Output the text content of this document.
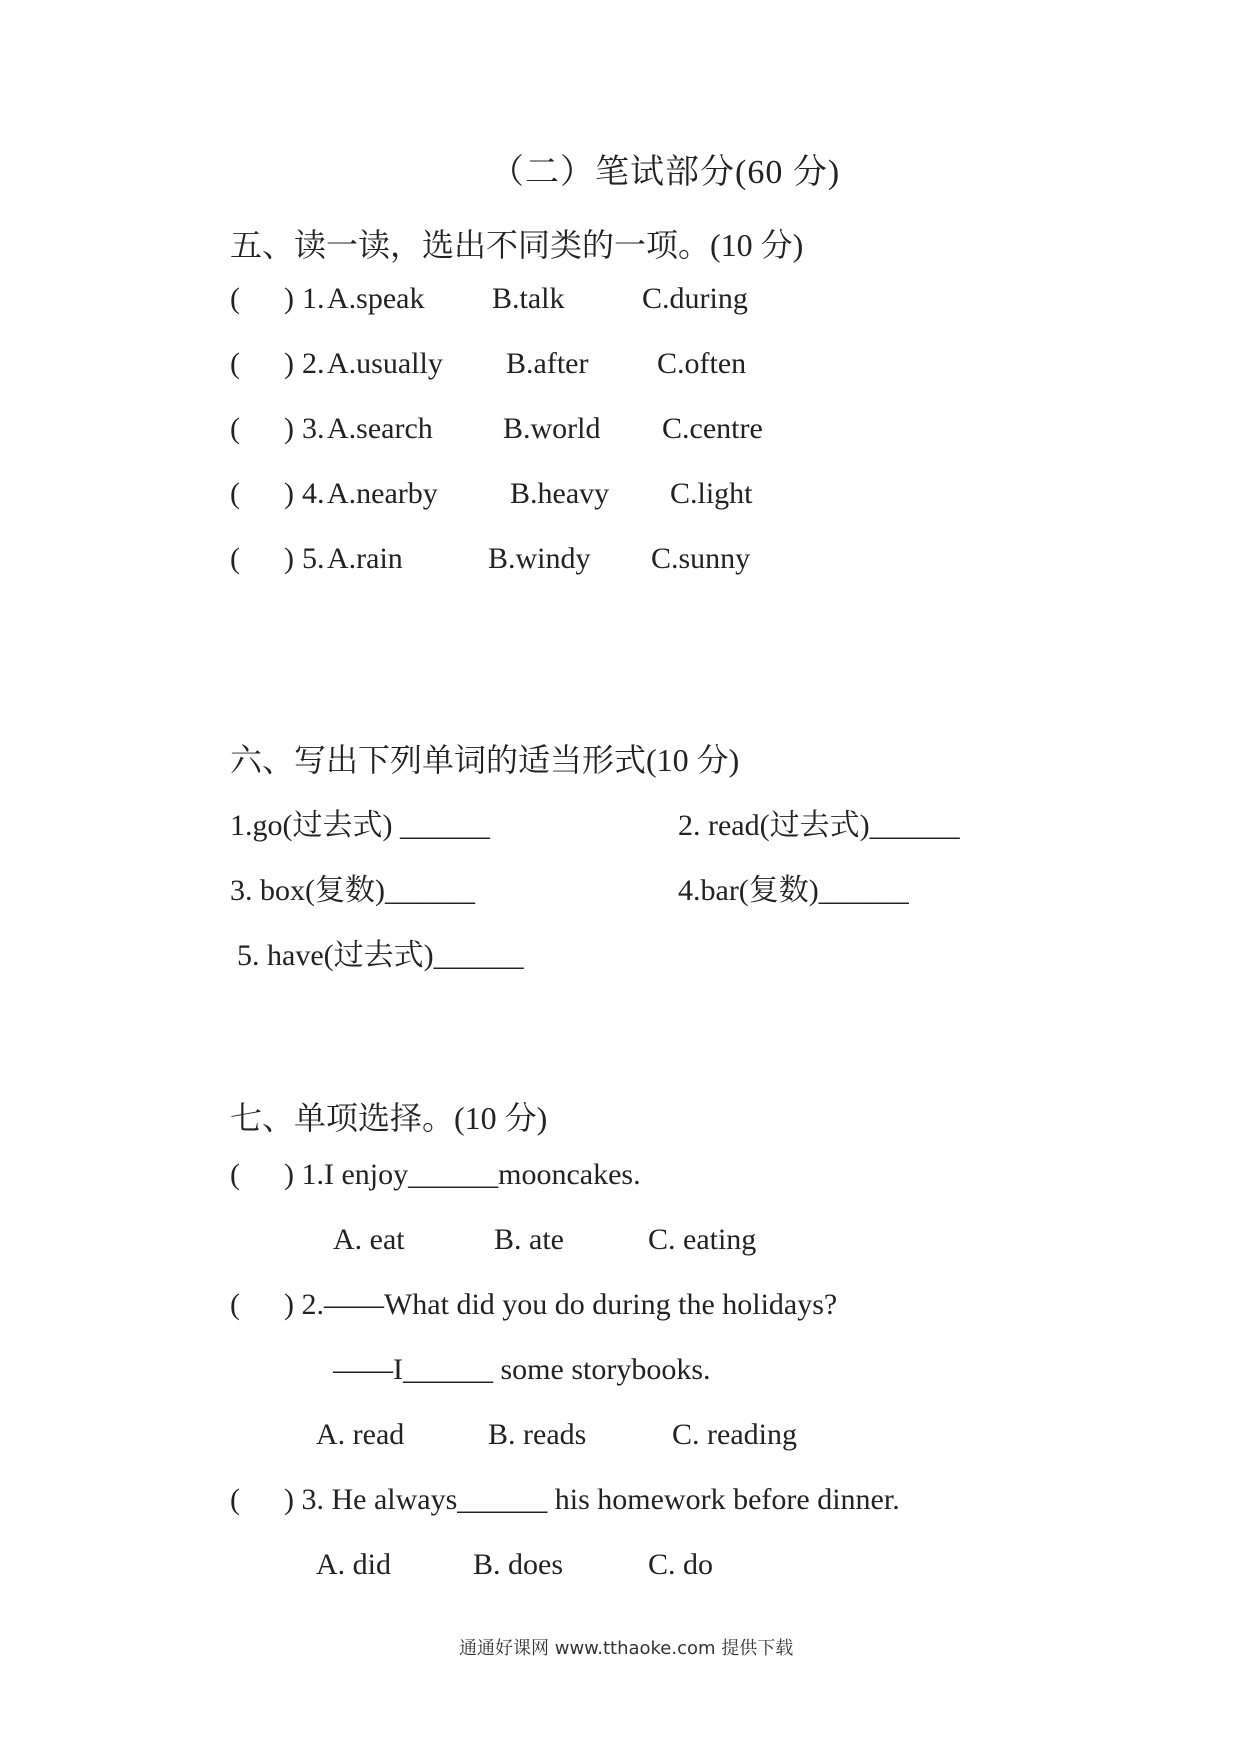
（二）笔试部分(60 分)
五、读一读，选出不同类的一项。(10 分)
( ) 1. A.speak B.talk	C.during
( ) 2. A.usually B.after C.often
( ) 3. A.search B.world C.centre
( ) 4. A.nearby B.heavy C.light
( ) 5. A.rain	B.windy C.sunny
六、写出下列单词的适当形式(10 分)
1.go(过去式) ______	2. read(过去式)______
3. box(复数)______	4.bar(复数)______
5. have(过去式)______
七、单项选择。(10 分)
( ) 1.I enjoy______mooncakes.
A. eat	B. ate	C. eating
( ) 2.——What did you do during the holidays?
——I______ some storybooks.
A. read	B. reads	C. reading
( ) 3. He always______ his homework before dinner.
A. did	B. does	C. do
通通好课网 www.tthaoke.com 提供下载
